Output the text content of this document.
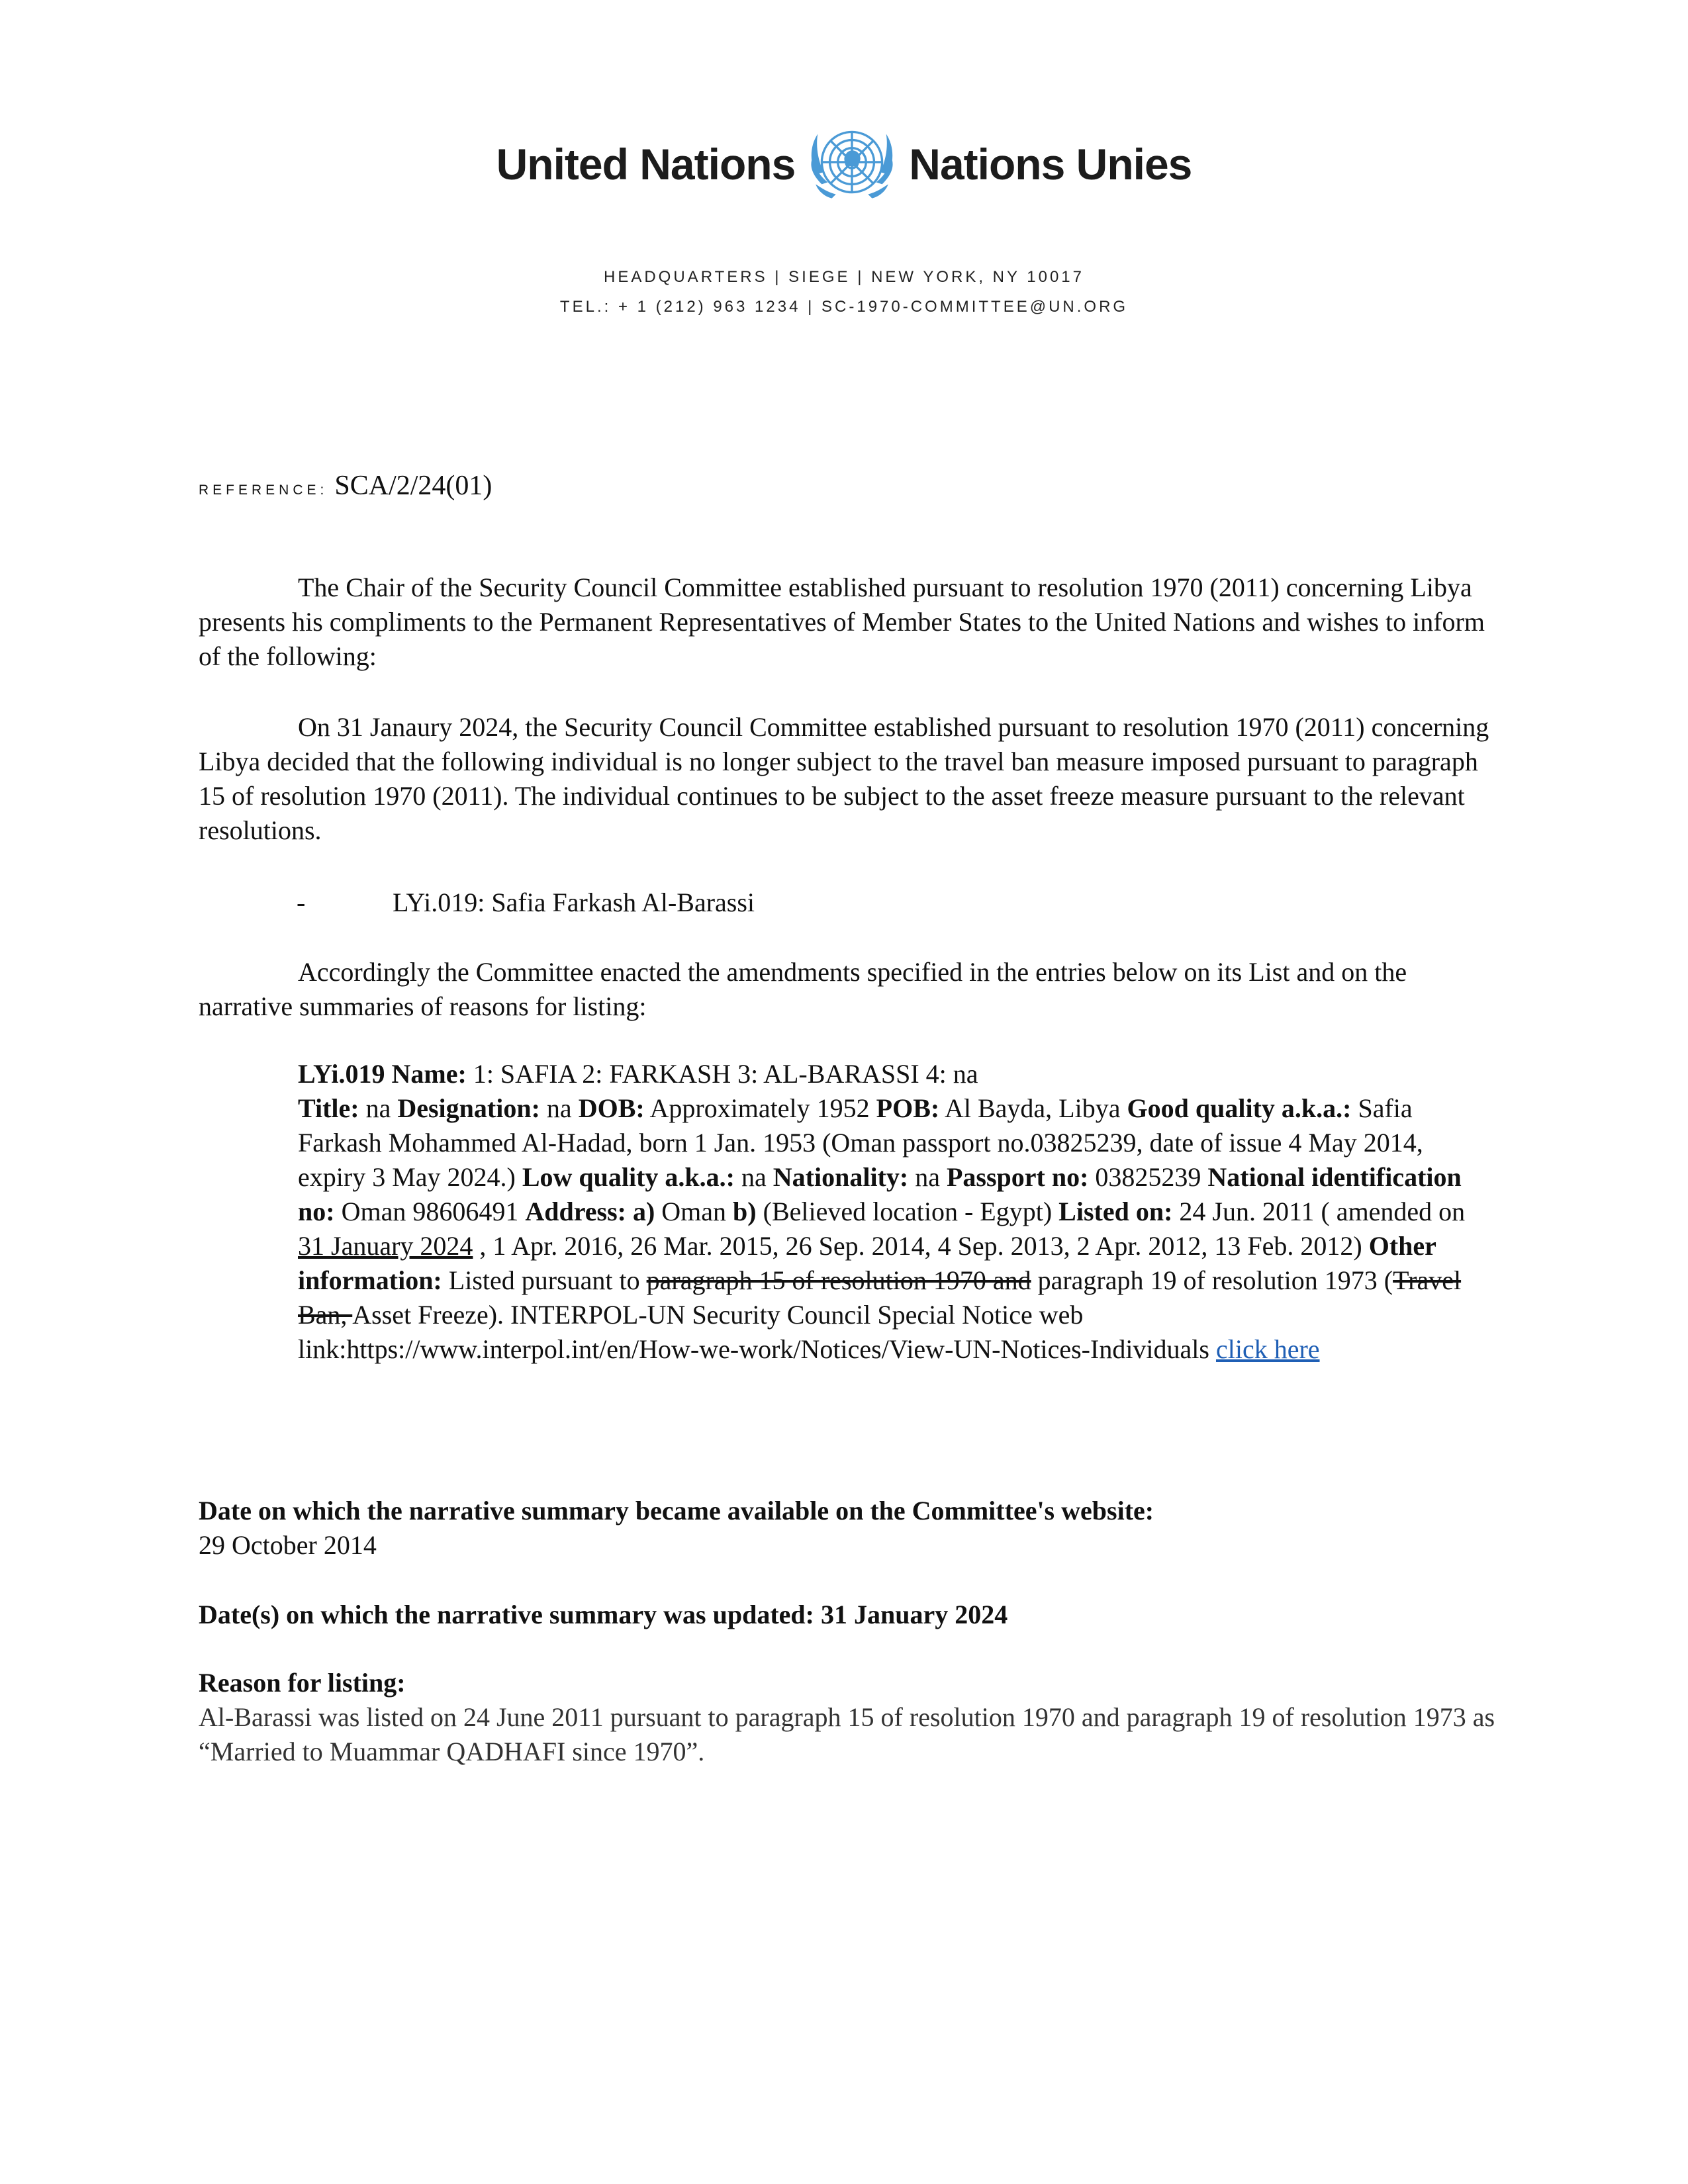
United Nations	Nations Unies
HEADQUARTERS | SIEGE | NEW YORK, NY 10017
TEL.: + 1 (212) 963 1234 | SC-1970-COMMITTEE@UN.ORG
REFERENCE: SCA/2/24(01)
The Chair of the Security Council Committee established pursuant to resolution 1970 (2011) concerning Libya presents his compliments to the Permanent Representatives of Member States to the United Nations and wishes to inform of the following:
On 31 Janaury 2024, the Security Council Committee established pursuant to resolution 1970 (2011) concerning Libya decided that the following individual is no longer subject to the travel ban measure imposed pursuant to paragraph 15 of resolution 1970 (2011). The individual continues to be subject to the asset freeze measure pursuant to the relevant resolutions.
-	LYi.019: Safia Farkash Al-Barassi
Accordingly the Committee enacted the amendments specified in the entries below on its List and on the narrative summaries of reasons for listing:
LYi.019 Name: 1: SAFIA 2: FARKASH 3: AL-BARASSI 4: na
Title: na Designation: na DOB: Approximately 1952 POB: Al Bayda, Libya Good quality a.k.a.: Safia Farkash Mohammed Al-Hadad, born 1 Jan. 1953 (Oman passport no.03825239, date of issue 4 May 2014, expiry 3 May 2024.) Low quality a.k.a.: na Nationality: na Passport no: 03825239 National identification no: Oman 98606491 Address: a) Oman b) (Believed location - Egypt) Listed on: 24 Jun. 2011 ( amended on 31 January 2024 , 1 Apr. 2016, 26 Mar. 2015, 26 Sep. 2014, 4 Sep. 2013, 2 Apr. 2012, 13 Feb. 2012) Other information: Listed pursuant to paragraph 15 of resolution 1970 and paragraph 19 of resolution 1973 (Travel Ban, Asset Freeze). INTERPOL-UN Security Council Special Notice web link:https://www.interpol.int/en/How-we-work/Notices/View-UN-Notices-Individuals click here
Date on which the narrative summary became available on the Committee's website:
29 October 2014
Date(s) on which the narrative summary was updated: 31 January 2024
Reason for listing:
Al-Barassi was listed on 24 June 2011 pursuant to paragraph 15 of resolution 1970 and paragraph 19 of resolution 1973 as “Married to Muammar QADHAFI since 1970”.
